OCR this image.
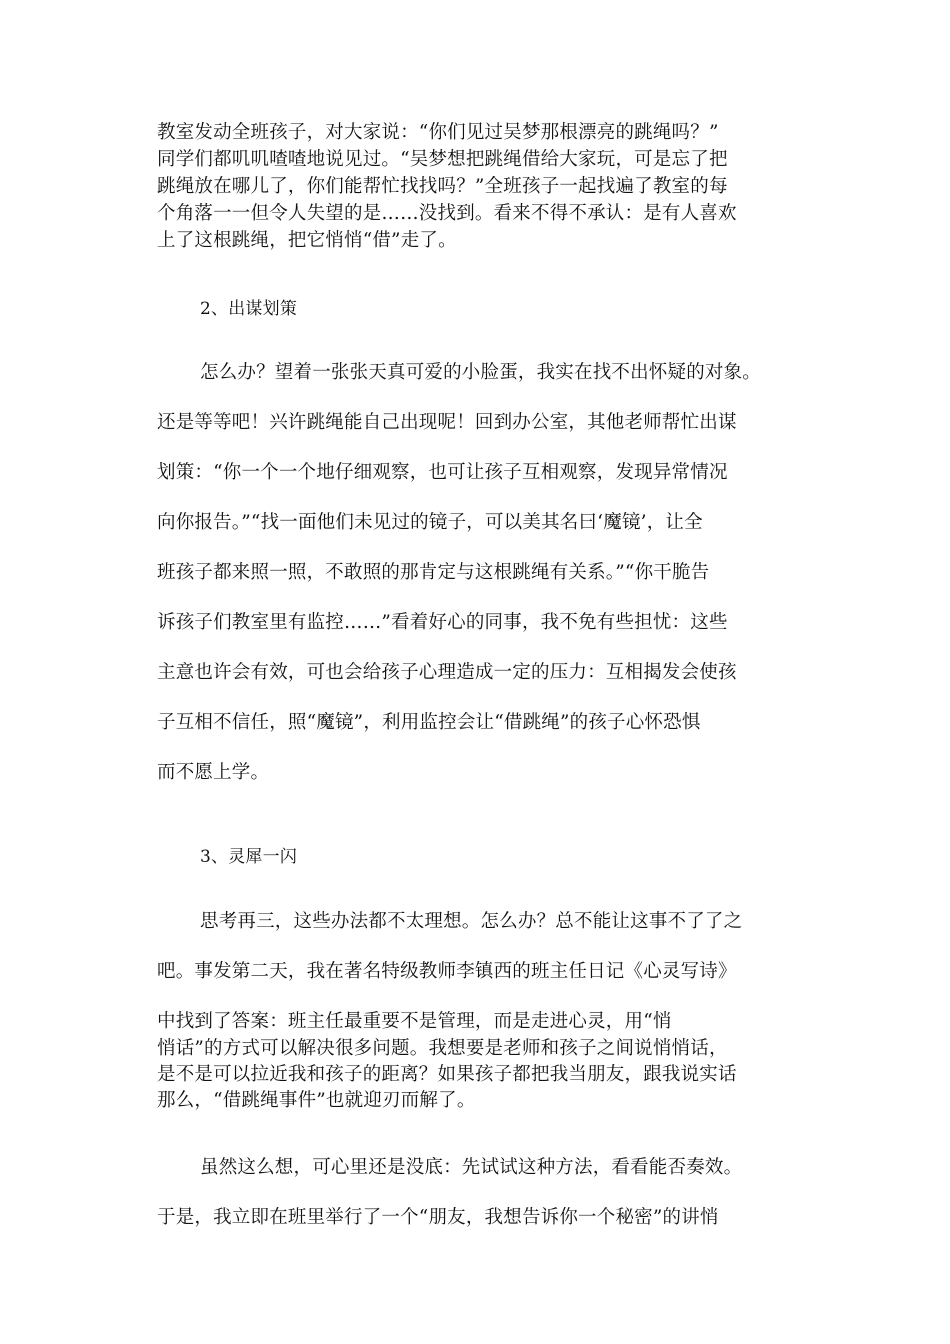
教室发动全班孩子，对大家说：“你们见过吴梦那根漂亮的跳绳吗？”
同学们都叽叽喳喳地说见过。“吴梦想把跳绳借给大家玩，可是忘了把
跳绳放在哪儿了，你们能帮忙找找吗？”全班孩子一起找遍了教室的每
个角落一一但令人失望的是……没找到。看来不得不承认：是有人喜欢
上了这根跳绳，把它悄悄“借”走了。
2、出谋划策
怎么办？望着一张张天真可爱的小脸蛋，我实在找不出怀疑的对象。
还是等等吧！兴许跳绳能自己出现呢！回到办公室，其他老师帮忙出谋
划策：“你一个一个地仔细观察，也可让孩子互相观察，发现异常情况
向你报告。”“找一面他们未见过的镜子，可以美其名曰‘魔镜’，让全
班孩子都来照一照，不敢照的那肯定与这根跳绳有关系。”“你干脆告
诉孩子们教室里有监控……”看着好心的同事，我不免有些担忧：这些
主意也许会有效，可也会给孩子心理造成一定的压力：互相揭发会使孩
子互相不信任，照“魔镜”，利用监控会让“借跳绳”的孩子心怀恐惧
而不愿上学。
3、灵犀一闪
思考再三，这些办法都不太理想。怎么办？总不能让这事不了了之
吧。事发第二天，我在著名特级教师李镇西的班主任日记《心灵写诗》
中找到了答案：班主任最重要不是管理，而是走进心灵，用“悄
悄话”的方式可以解决很多问题。我想要是老师和孩子之间说悄悄话，
是不是可以拉近我和孩子的距离？如果孩子都把我当朋友，跟我说实话
那么，“借跳绳事件”也就迎刃而解了。
虽然这么想，可心里还是没底：先试试这种方法，看看能否奏效。
于是，我立即在班里举行了一个“朋友，我想告诉你一个秘密”的讲悄
